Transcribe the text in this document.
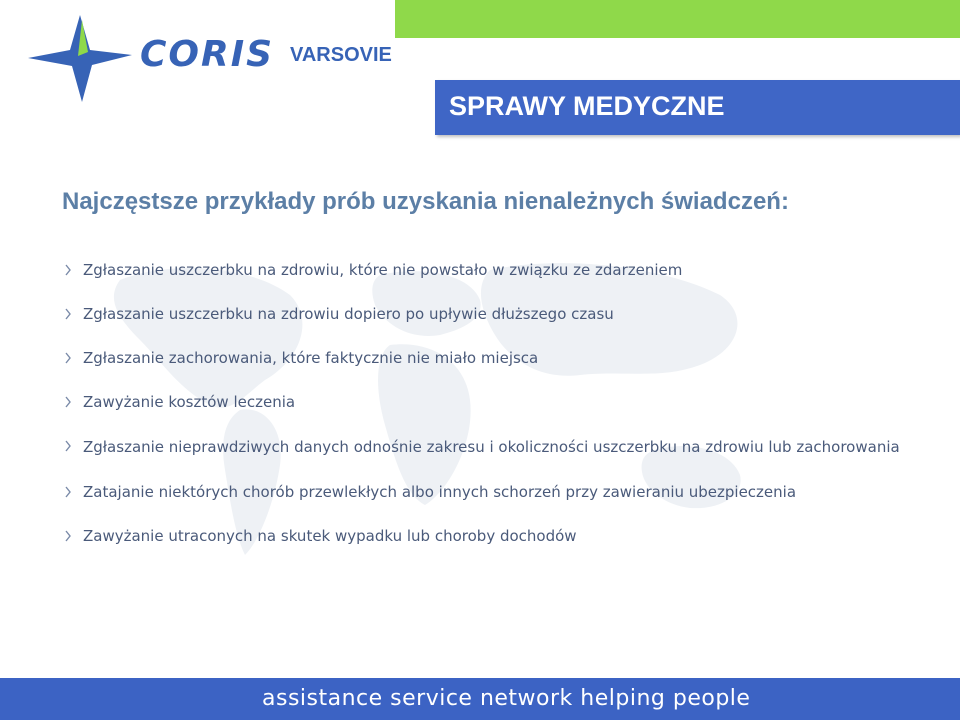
CORIS VARSOVIE
SPRAWY MEDYCZNE
Najczęstsze przykłady prób uzyskania nienależnych świadczeń:
Zgłaszanie uszczerbku na zdrowiu, które nie powstało w związku ze zdarzeniem
Zgłaszanie uszczerbku na zdrowiu dopiero po upływie dłuższego czasu
Zgłaszanie zachorowania, które faktycznie nie miało miejsca
Zawyżanie kosztów leczenia
Zgłaszanie nieprawdziwych danych odnośnie zakresu i okoliczności uszczerbku na zdrowiu lub zachorowania
Zatajanie niektórych chorób przewlekłych albo innych schorzeń przy zawieraniu ubezpieczenia
Zawyżanie utraconych na skutek wypadku lub choroby dochodów
assistance service network helping people
